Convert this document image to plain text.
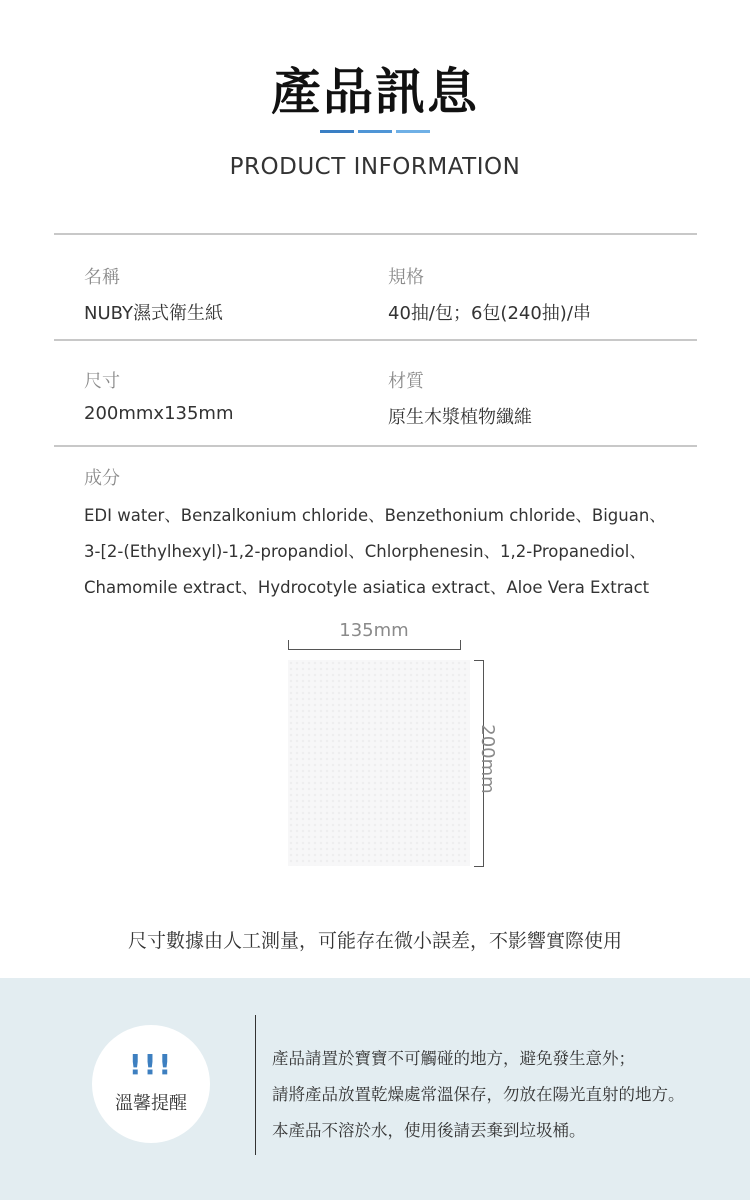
產品訊息
PRODUCT INFORMATION
名稱
NUBY濕式衛生紙
規格
40抽/包；6包(240抽)/串
尺寸
200mmx135mm
材質
原生木漿植物纖維
成分
EDI water、Benzalkonium chloride、Benzethonium chloride、Biguan、
3-[2-(Ethylhexyl)-1,2-propandiol、Chlorphenesin、1,2-Propanediol、
Chamomile extract、Hydrocotyle asiatica extract、Aloe Vera Extract
135mm
200mm
尺寸數據由人工測量，可能存在微小誤差，不影響實際使用
!!!
溫馨提醒
產品請置於寶寶不可觸碰的地方，避免發生意外；
請將產品放置乾燥處常溫保存，勿放在陽光直射的地方。
本產品不溶於水，使用後請丟棄到垃圾桶。
